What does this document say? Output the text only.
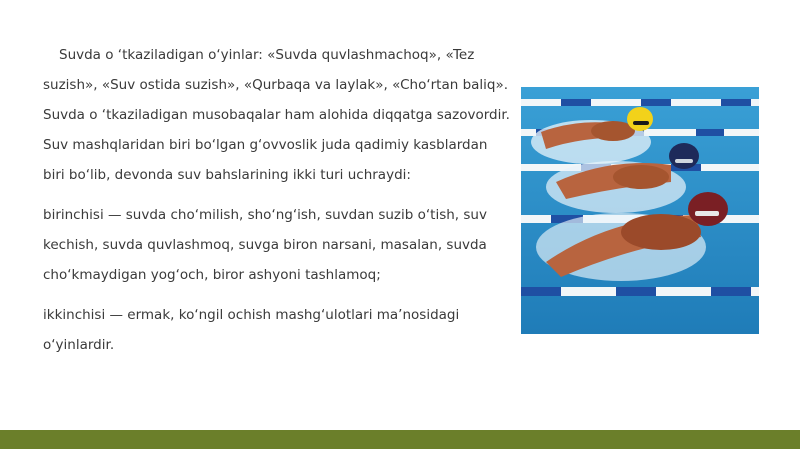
Suvda o ‘tkaziladigan o‘yinlar: «Suvda quvlashmachoq», «Tez suzish», «Suv ostida suzish», «Qurbaqa va laylak», «Cho‘rtan baliq». Suvda o ‘tkaziladigan musobaqalar ham alohida diqqatga sazovordir. Suv mashqlaridan biri bo‘lgan g‘ovvoslik juda qadimiy kasblardan biri bo‘lib, devonda suv bahslarining ikki turi uchraydi:

birinchisi — suvda cho‘milish, sho‘ng‘ish, suvdan suzib o‘tish, suv kechish, suvda quvlashmoq, suvga biron narsani, masalan, suvda cho‘kmaydigan yog‘och, biror ashyoni tashlamoq;

ikkinchisi — ermak, ko‘ngil ochish mashg‘ulotlari ma’nosidagi o‘yinlardir.
